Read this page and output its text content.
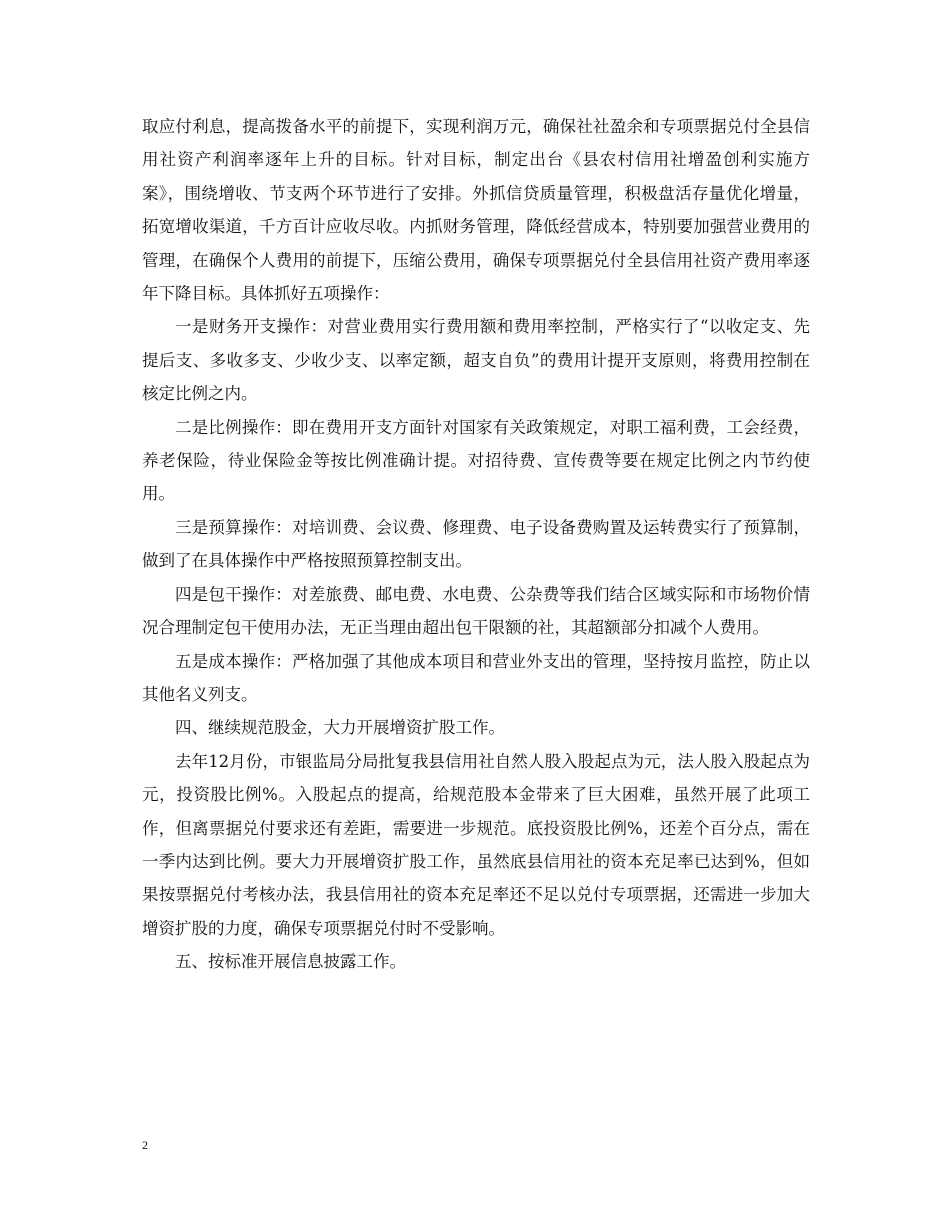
取应付利息，提高拨备水平的前提下，实现利润万元，确保社社盈余和专项票据兑付全县信用社资产利润率逐年上升的目标。针对目标，制定出台《县农村信用社增盈创利实施方案》，围绕增收、节支两个环节进行了安排。外抓信贷质量管理，积极盘活存量优化增量，拓宽增收渠道，千方百计应收尽收。内抓财务管理，降低经营成本，特别要加强营业费用的管理，在确保个人费用的前提下，压缩公费用，确保专项票据兑付全县信用社资产费用率逐年下降目标。具体抓好五项操作：

一是财务开支操作：对营业费用实行费用额和费用率控制，严格实行了“以收定支、先提后支、多收多支、少收少支、以率定额，超支自负”的费用计提开支原则，将费用控制在核定比例之内。

二是比例操作：即在费用开支方面针对国家有关政策规定，对职工福利费，工会经费，养老保险，待业保险金等按比例准确计提。对招待费、宣传费等要在规定比例之内节约使用。

三是预算操作：对培训费、会议费、修理费、电子设备费购置及运转费实行了预算制，做到了在具体操作中严格按照预算控制支出。

四是包干操作：对差旅费、邮电费、水电费、公杂费等我们结合区域实际和市场物价情况合理制定包干使用办法，无正当理由超出包干限额的社，其超额部分扣减个人费用。

五是成本操作：严格加强了其他成本项目和营业外支出的管理，坚持按月监控，防止以其他名义列支。

四、继续规范股金，大力开展增资扩股工作。

去年12月份，市银监局分局批复我县信用社自然人股入股起点为元，法人股入股起点为元，投资股比例%。入股起点的提高，给规范股本金带来了巨大困难，虽然开展了此项工作，但离票据兑付要求还有差距，需要进一步规范。底投资股比例%，还差个百分点，需在一季内达到比例。要大力开展增资扩股工作，虽然底县信用社的资本充足率已达到%，但如果按票据兑付考核办法，我县信用社的资本充足率还不足以兑付专项票据，还需进一步加大增资扩股的力度，确保专项票据兑付时不受影响。

五、按标准开展信息披露工作。

2
